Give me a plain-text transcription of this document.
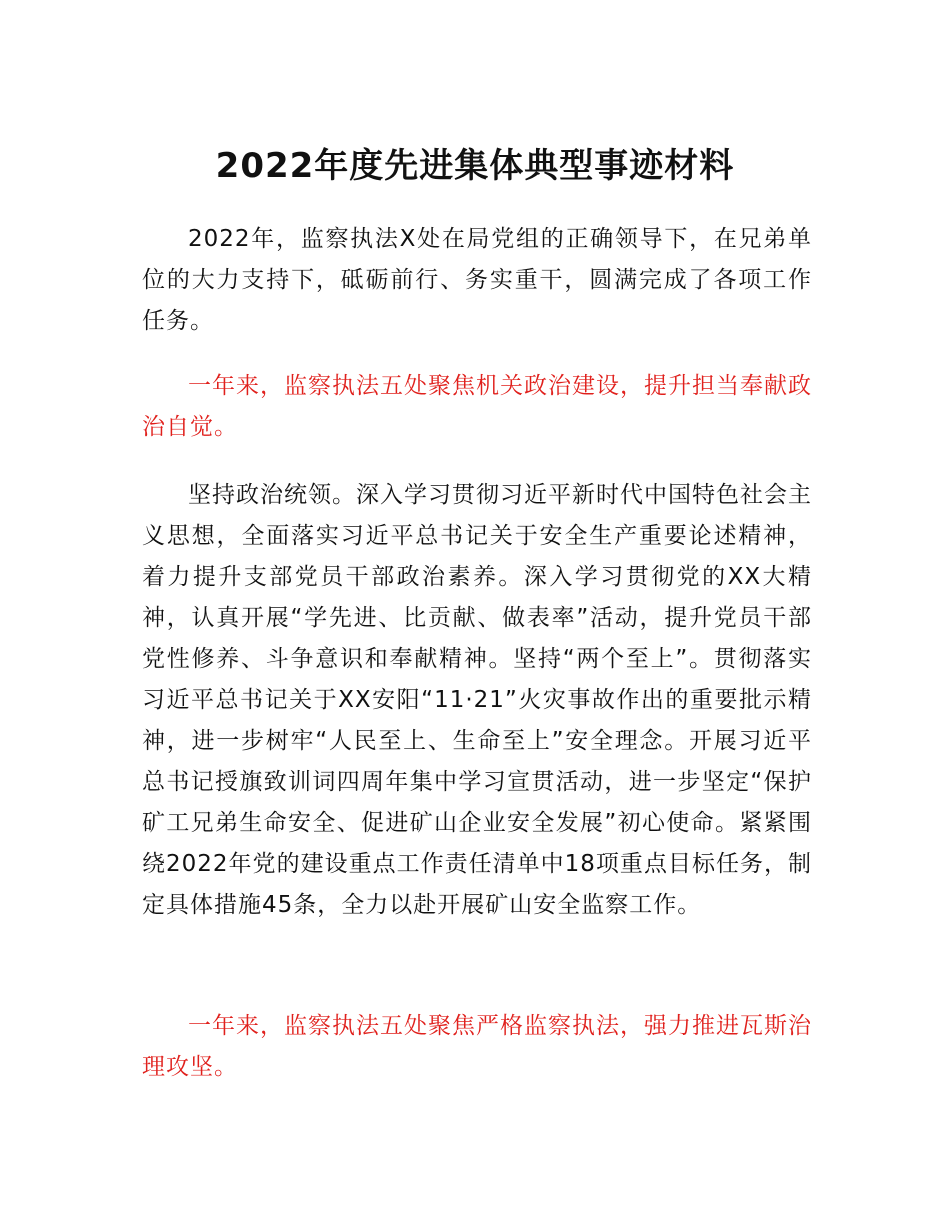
2022年度先进集体典型事迹材料

2022年，监察执法X处在局党组的正确领导下，在兄弟单位的大力支持下，砥砺前行、务实重干，圆满完成了各项工作任务。

一年来，监察执法五处聚焦机关政治建设，提升担当奉献政治自觉。

坚持政治统领。深入学习贯彻习近平新时代中国特色社会主义思想，全面落实习近平总书记关于安全生产重要论述精神，着力提升支部党员干部政治素养。深入学习贯彻党的XX大精神，认真开展“学先进、比贡献、做表率”活动，提升党员干部党性修养、斗争意识和奉献精神。坚持“两个至上”。贯彻落实习近平总书记关于XX安阳“11·21”火灾事故作出的重要批示精神，进一步树牢“人民至上、生命至上”安全理念。开展习近平总书记授旗致训词四周年集中学习宣贯活动，进一步坚定“保护矿工兄弟生命安全、促进矿山企业安全发展”初心使命。紧紧围绕2022年党的建设重点工作责任清单中18项重点目标任务，制定具体措施45条，全力以赴开展矿山安全监察工作。

一年来，监察执法五处聚焦严格监察执法，强力推进瓦斯治理攻坚。
